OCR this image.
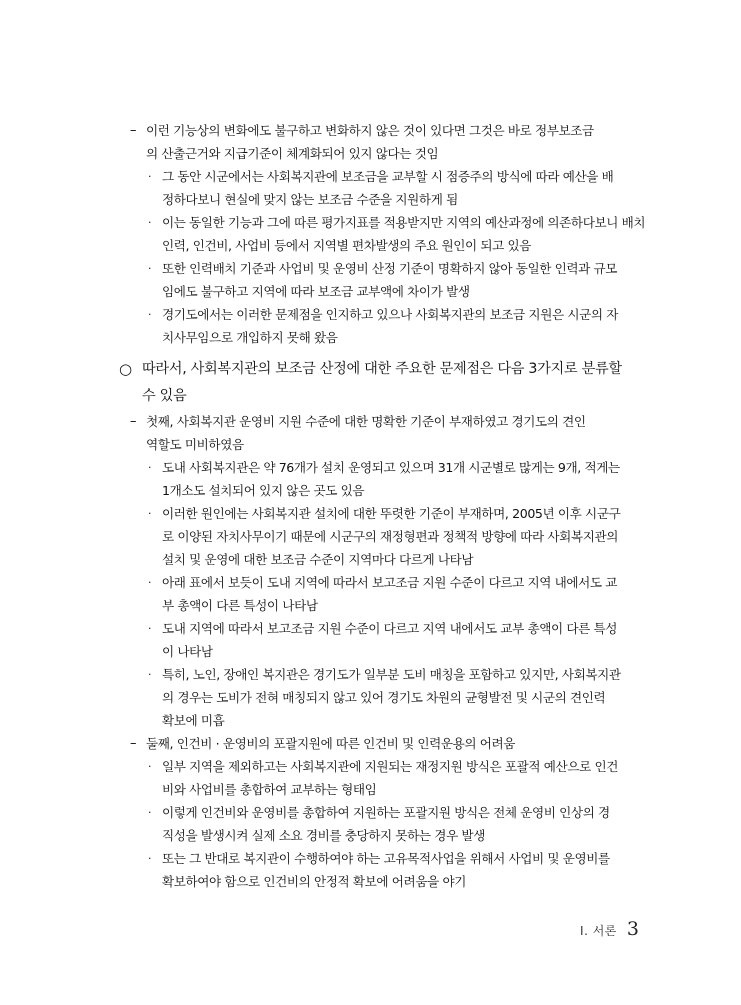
– 이런 기능상의 변화에도 불구하고 변화하지 않은 것이 있다면 그것은 바로 정부보조금
의 산출근거와 지급기준이 체계화되어 있지 않다는 것임
· 그 동안 시군에서는 사회복지관에 보조금을 교부할 시 점증주의 방식에 따라 예산을 배
정하다보니 현실에 맞지 않는 보조금 수준을 지원하게 됨
· 이는 동일한 기능과 그에 따른 평가지표를 적용받지만 지역의 예산과정에 의존하다보니 배치
인력, 인건비, 사업비 등에서 지역별 편차발생의 주요 원인이 되고 있음
· 또한 인력배치 기준과 사업비 및 운영비 산정 기준이 명확하지 않아 동일한 인력과 규모
임에도 불구하고 지역에 따라 보조금 교부액에 차이가 발생
· 경기도에서는 이러한 문제점을 인지하고 있으나 사회복지관의 보조금 지원은 시군의 자
치사무임으로 개입하지 못해 왔음
○ 따라서, 사회복지관의 보조금 산정에 대한 주요한 문제점은 다음 3가지로 분류할
수 있음
– 첫째, 사회복지관 운영비 지원 수준에 대한 명확한 기준이 부재하였고 경기도의 견인
역할도 미비하였음
· 도내 사회복지관은 약 76개가 설치 운영되고 있으며 31개 시군별로 많게는 9개, 적게는
1개소도 설치되어 있지 않은 곳도 있음
· 이러한 원인에는 사회복지관 설치에 대한 뚜렷한 기준이 부재하며, 2005년 이후 시군구
로 이양된 자치사무이기 때문에 시군구의 재정형편과 정책적 방향에 따라 사회복지관의
설치 및 운영에 대한 보조금 수준이 지역마다 다르게 나타남
· 아래 표에서 보듯이 도내 지역에 따라서 보고조금 지원 수준이 다르고 지역 내에서도 교
부 총액이 다른 특성이 나타남
· 도내 지역에 따라서 보고조금 지원 수준이 다르고 지역 내에서도 교부 총액이 다른 특성
이 나타남
· 특히, 노인, 장애인 복지관은 경기도가 일부분 도비 매칭을 포함하고 있지만, 사회복지관
의 경우는 도비가 전혀 매칭되지 않고 있어 경기도 차원의 균형발전 및 시군의 견인력
확보에 미흡
– 둘째, 인건비 · 운영비의 포괄지원에 따른 인건비 및 인력운용의 어려움
· 일부 지역을 제외하고는 사회복지관에 지원되는 재정지원 방식은 포괄적 예산으로 인건
비와 사업비를 총합하여 교부하는 형태임
· 이렇게 인건비와 운영비를 총합하여 지원하는 포괄지원 방식은 전체 운영비 인상의 경
직성을 발생시켜 실제 소요 경비를 충당하지 못하는 경우 발생
· 또는 그 반대로 복지관이 수행하여야 하는 고유목적사업을 위해서 사업비 및 운영비를
확보하여야 함으로 인건비의 안정적 확보에 어려움을 야기
Ⅰ. 서론 3
